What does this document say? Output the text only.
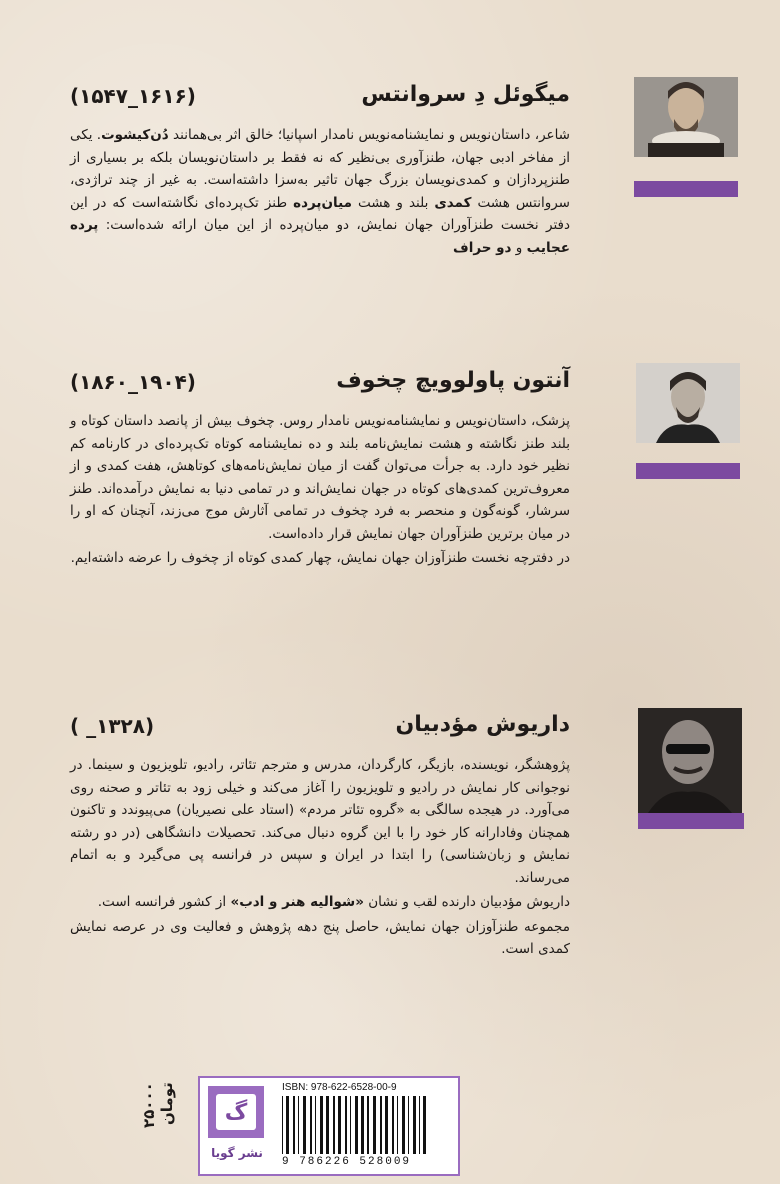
میگوئل دِ سروانتس
(۱۶۱۶_۱۵۴۷)

شاعر، داستان‌نویس و نمایشنامه‌نویس نامدار اسپانیا؛ خالق اثر بی‌همانند دُن‌کیشوت. یکی از مفاخر ادبی جهان، طنزآوری بی‌نظیر که نه فقط بر داستان‌نویسان بلکه بر بسیاری از طنزپردازان و کمدی‌نویسان بزرگ جهان تاثیر به‌سزا داشته‌است. به غیر از چند تراژدی، سروانتس هشت کمدی بلند و هشت میان‌پرده طنز تک‌پرده‌ای نگاشته‌است که در این دفتر نخست طنزآوران جهان نمایش، دو میان‌پرده از این میان ارائه شده‌است: پرده عجایب و دو حراف

آنتون پاولوویچ چخوف
(۱۹۰۴_۱۸۶۰)

پزشک، داستان‌نویس و نمایشنامه‌نویس نامدار روس. چخوف بیش از پانصد داستان کوتاه و بلند طنز نگاشته و هشت نمایش‌نامه بلند و ده نمایشنامه کوتاه تک‌پرده‌ای در کارنامه کم نظیر خود دارد. به جرأت می‌توان گفت از میان نمایش‌نامه‌های کوتاهش، هفت کمدی و از معروف‌ترین کمدی‌های کوتاه در جهان نمایش‌اند و در تمامی دنیا به نمایش درآمده‌اند. طنز سرشار، گونه‌گون و منحصر به فرد چخوف در تمامی آثارش موج می‌زند، آنچنان که او را در میان برترین طنزآوران جهان نمایش قرار داده‌است.

در دفترچه نخست طنزآوزان جهان نمایش، چهار کمدی کوتاه از چخوف را عرضه داشته‌ایم.

داریوش مؤدبیان
(۱۳۲۸_ )

پژوهشگر، نویسنده، بازیگر، کارگردان، مدرس و مترجم تئاتر، رادیو، تلویزیون و سینما. در نوجوانی کار نمایش در رادیو و تلویزیون را آغاز می‌کند و خیلی زود به تئاتر و صحنه روی می‌آورد. در هیجده سالگی به «گروه تئاتر مردم» (استاد علی نصیریان) می‌پیوندد و تاکنون همچنان وفادارانه کار خود را با این گروه دنبال می‌کند. تحصیلات دانشگاهی (در دو رشته نمایش و زبان‌شناسی) را ابتدا در ایران و سپس در فرانسه پی می‌گیرد و به اتمام می‌رساند.

داریوش مؤدبیان دارنده لقب و نشان «شوالیه هنر و ادب» از کشور فرانسه است.

مجموعه طنزآوزان جهان نمایش، حاصل پنج دهه پژوهش و فعالیت وی در عرصه نمایش کمدی است.

۲۵۰۰۰ تومان	گ
نشر گویا
ISBN: 978-622-6528-00-9
9 786226 528009
